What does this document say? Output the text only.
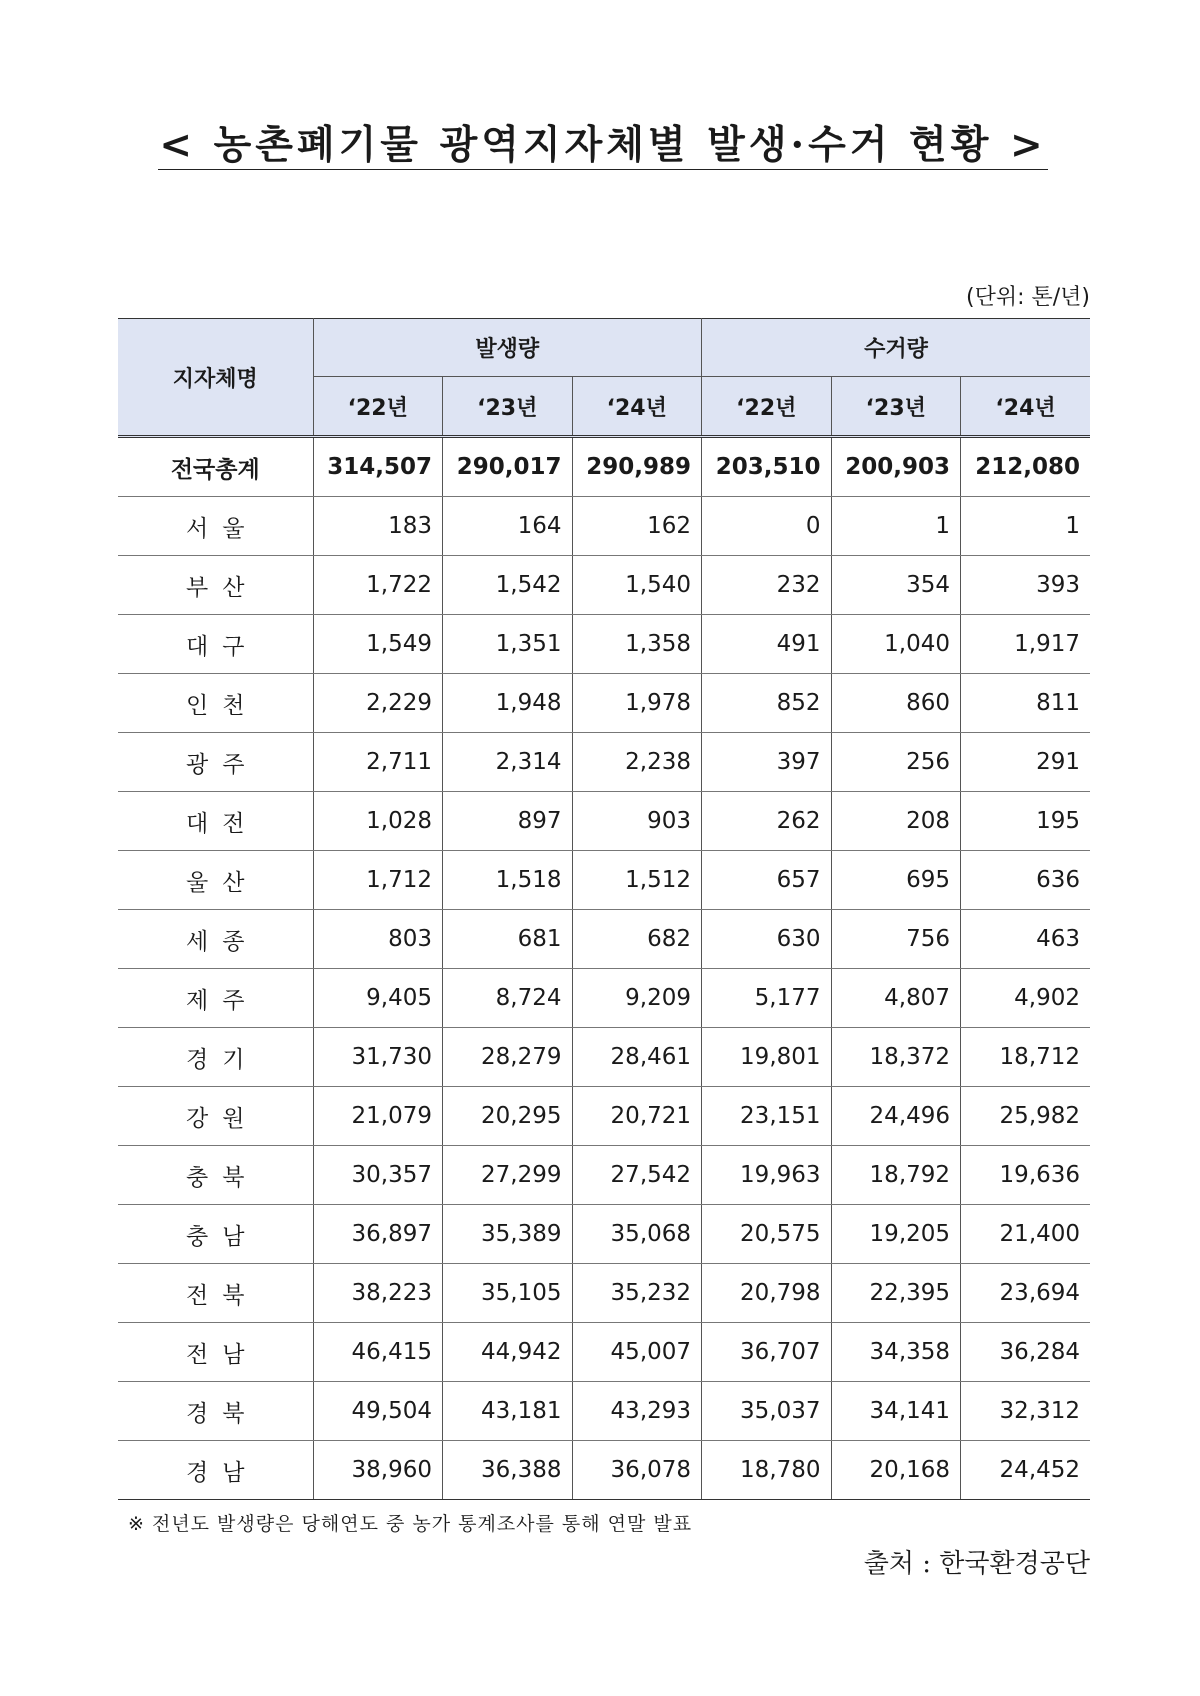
< 농촌폐기물 광역지자체별 발생·수거 현황 >
(단위: 톤/년)
지자체명	발생량			수거량		
	‘22년	‘23년	‘24년	‘22년	‘23년	‘24년
전국총계	314,507	290,017	290,989	203,510	200,903	212,080
서울	183	164	162	0	1	1
부산	1,722	1,542	1,540	232	354	393
대구	1,549	1,351	1,358	491	1,040	1,917
인천	2,229	1,948	1,978	852	860	811
광주	2,711	2,314	2,238	397	256	291
대전	1,028	897	903	262	208	195
울산	1,712	1,518	1,512	657	695	636
세종	803	681	682	630	756	463
제주	9,405	8,724	9,209	5,177	4,807	4,902
경기	31,730	28,279	28,461	19,801	18,372	18,712
강원	21,079	20,295	20,721	23,151	24,496	25,982
충북	30,357	27,299	27,542	19,963	18,792	19,636
충남	36,897	35,389	35,068	20,575	19,205	21,400
전북	38,223	35,105	35,232	20,798	22,395	23,694
전남	46,415	44,942	45,007	36,707	34,358	36,284
경북	49,504	43,181	43,293	35,037	34,141	32,312
경남	38,960	36,388	36,078	18,780	20,168	24,452
※ 전년도 발생량은 당해연도 중 농가 통계조사를 통해 연말 발표
출처 : 한국환경공단
